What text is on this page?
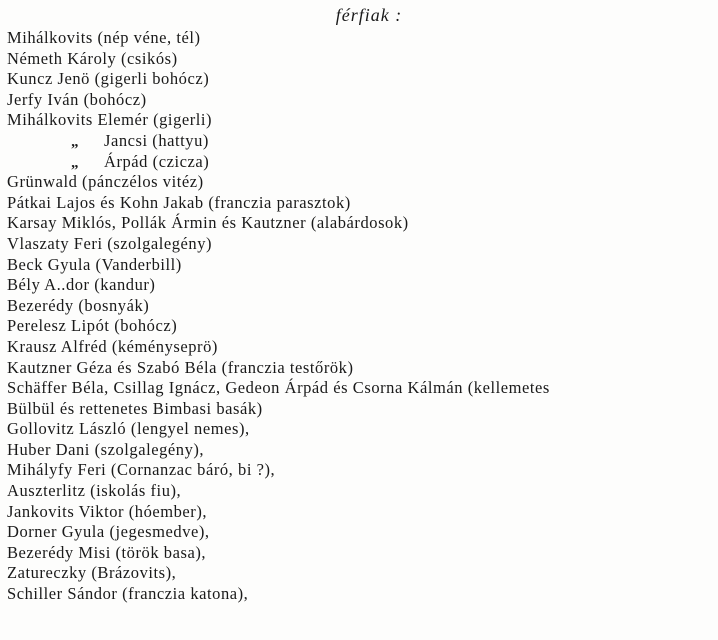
férfiak :
Mihálkovits (nép véne, tél)
Németh Károly (csikós)
Kuncz Jenö (gigerli bohócz)
Jerfy Iván (bohócz)
Mihálkovits Elemér (gigerli)
„	Jancsi (hattyu)
„	Árpád (czicza)
Grünwald (pánczélos vitéz)
Pátkai Lajos és Kohn Jakab (franczia parasztok)
Karsay Miklós, Pollák Ármin és Kautzner (alabárdosok)
Vlaszaty Feri (szolgalegény)
Beck Gyula (Vanderbill)
Bély A..dor (kandur)
Bezerédy (bosnyák)
Perelesz Lipót (bohócz)
Krausz Alfréd (kéményseprö)
Kautzner Géza és Szabó Béla (franczia testőrök)
Schäffer Béla, Csillag Ignácz, Gedeon Árpád és Csorna Kálmán (kellemetes
Bülbül és rettenetes Bimbasi basák)
Gollovitz László (lengyel nemes),
Huber Dani (szolgalegény),
Mihályfy Feri (Cornanzac báró, bi ?),
Auszterlitz (iskolás fiu),
Jankovits Viktor (hóember),
Dorner Gyula (jegesmedve),
Bezerédy Misi (török basa),
Zatureczky (Brázovits),
Schiller Sándor (franczia katona),
